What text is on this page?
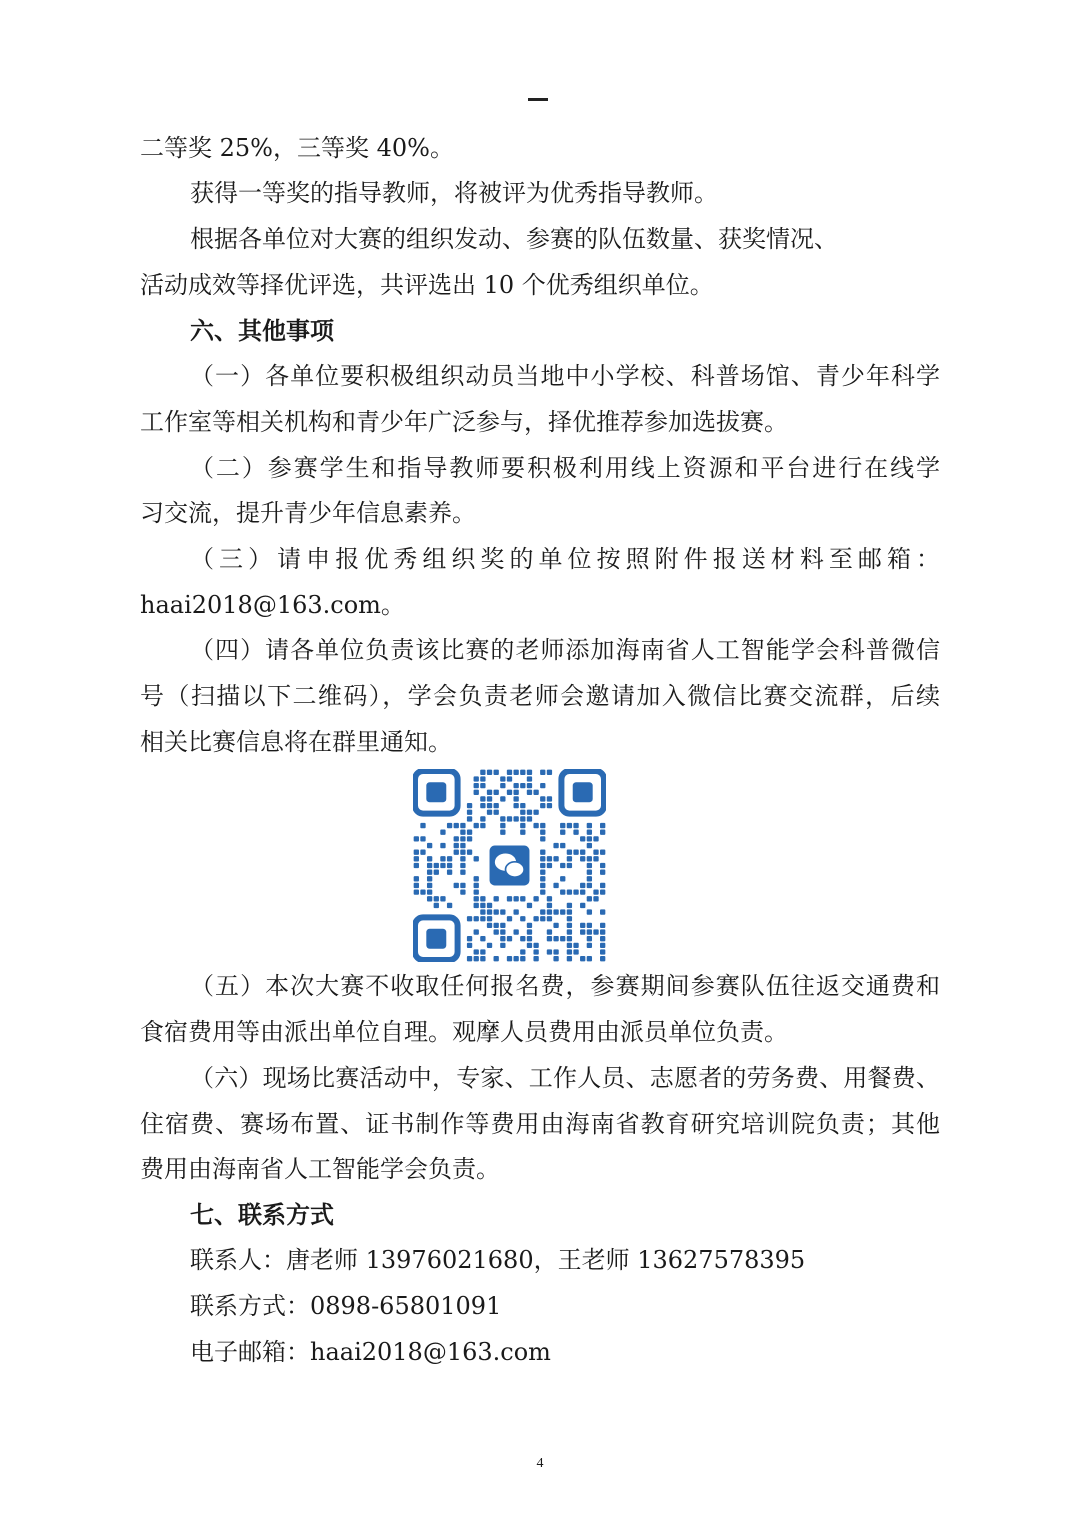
二等奖 25%，三等奖 40%。
获得一等奖的指导教师，将被评为优秀指导教师。
根据各单位对大赛的组织发动、参赛的队伍数量、获奖情况、
活动成效等择优评选，共评选出 10 个优秀组织单位。
六、其他事项
（一）各单位要积极组织动员当地中小学校、科普场馆、青少年科学
工作室等相关机构和青少年广泛参与，择优推荐参加选拔赛。
（二）参赛学生和指导教师要积极利用线上资源和平台进行在线学
习交流，提升青少年信息素养。
（三）请申报优秀组织奖的单位按照附件报送材料至邮箱：
haai2018@163.com。
（四）请各单位负责该比赛的老师添加海南省人工智能学会科普微信
号（扫描以下二维码），学会负责老师会邀请加入微信比赛交流群，后续
相关比赛信息将在群里通知。
（五）本次大赛不收取任何报名费，参赛期间参赛队伍往返交通费和
食宿费用等由派出单位自理。观摩人员费用由派员单位负责。
（六）现场比赛活动中，专家、工作人员、志愿者的劳务费、用餐费、
住宿费、赛场布置、证书制作等费用由海南省教育研究培训院负责；其他
费用由海南省人工智能学会负责。
七、联系方式
联系人：唐老师 13976021680，王老师 13627578395
联系方式：0898-65801091
电子邮箱：haai2018@163.com
4
